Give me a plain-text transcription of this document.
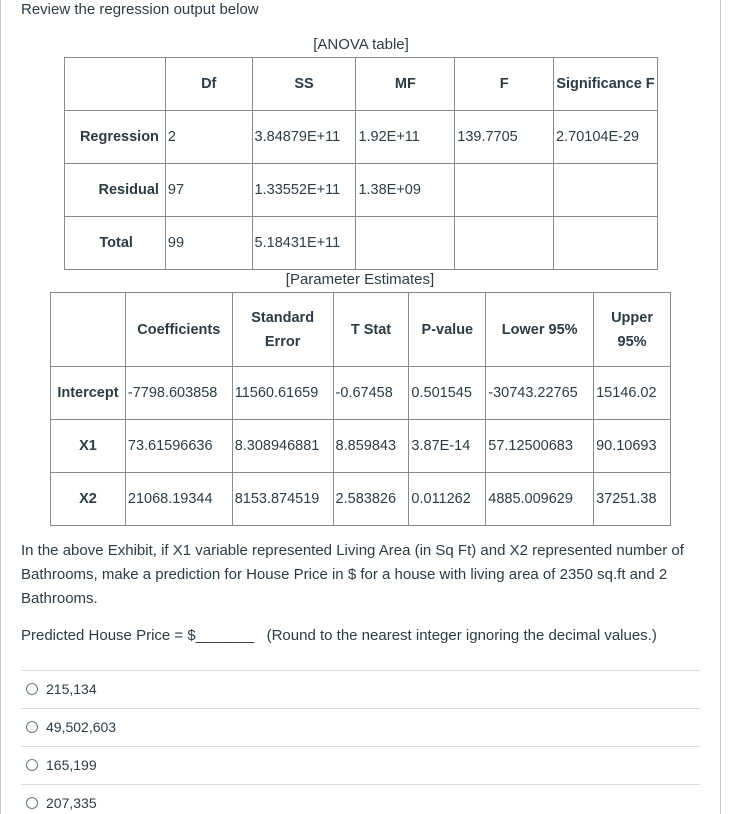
Review the regression output below
[ANOVA table]
	Df	SS	MF	F	Significance F
Regression	2	3.84879E+11	1.92E+11	139.7705	2.70104E-29
Residual	97	1.33552E+11	1.38E+09		
Total	99	5.18431E+11			
[Parameter Estimates]
	Coefficients	Standard Error	T Stat	P-value	Lower 95%	Upper 95%
Intercept	-7798.603858	11560.61659	-0.67458	0.501545	-30743.22765	15146.02
X1	73.61596636	8.308946881	8.859843	3.87E-14	57.12500683	90.10693
X2	21068.19344	8153.874519	2.583826	0.011262	4885.009629	37251.38
In the above Exhibit, if X1 variable represented Living Area (in Sq Ft) and X2 represented number of Bathrooms, make a prediction for House Price in $ for a house with living area of 2350 sq.ft and 2 Bathrooms.
Predicted House Price = $_______ (Round to the nearest integer ignoring the decimal values.)
215,134
49,502,603
165,199
207,335
